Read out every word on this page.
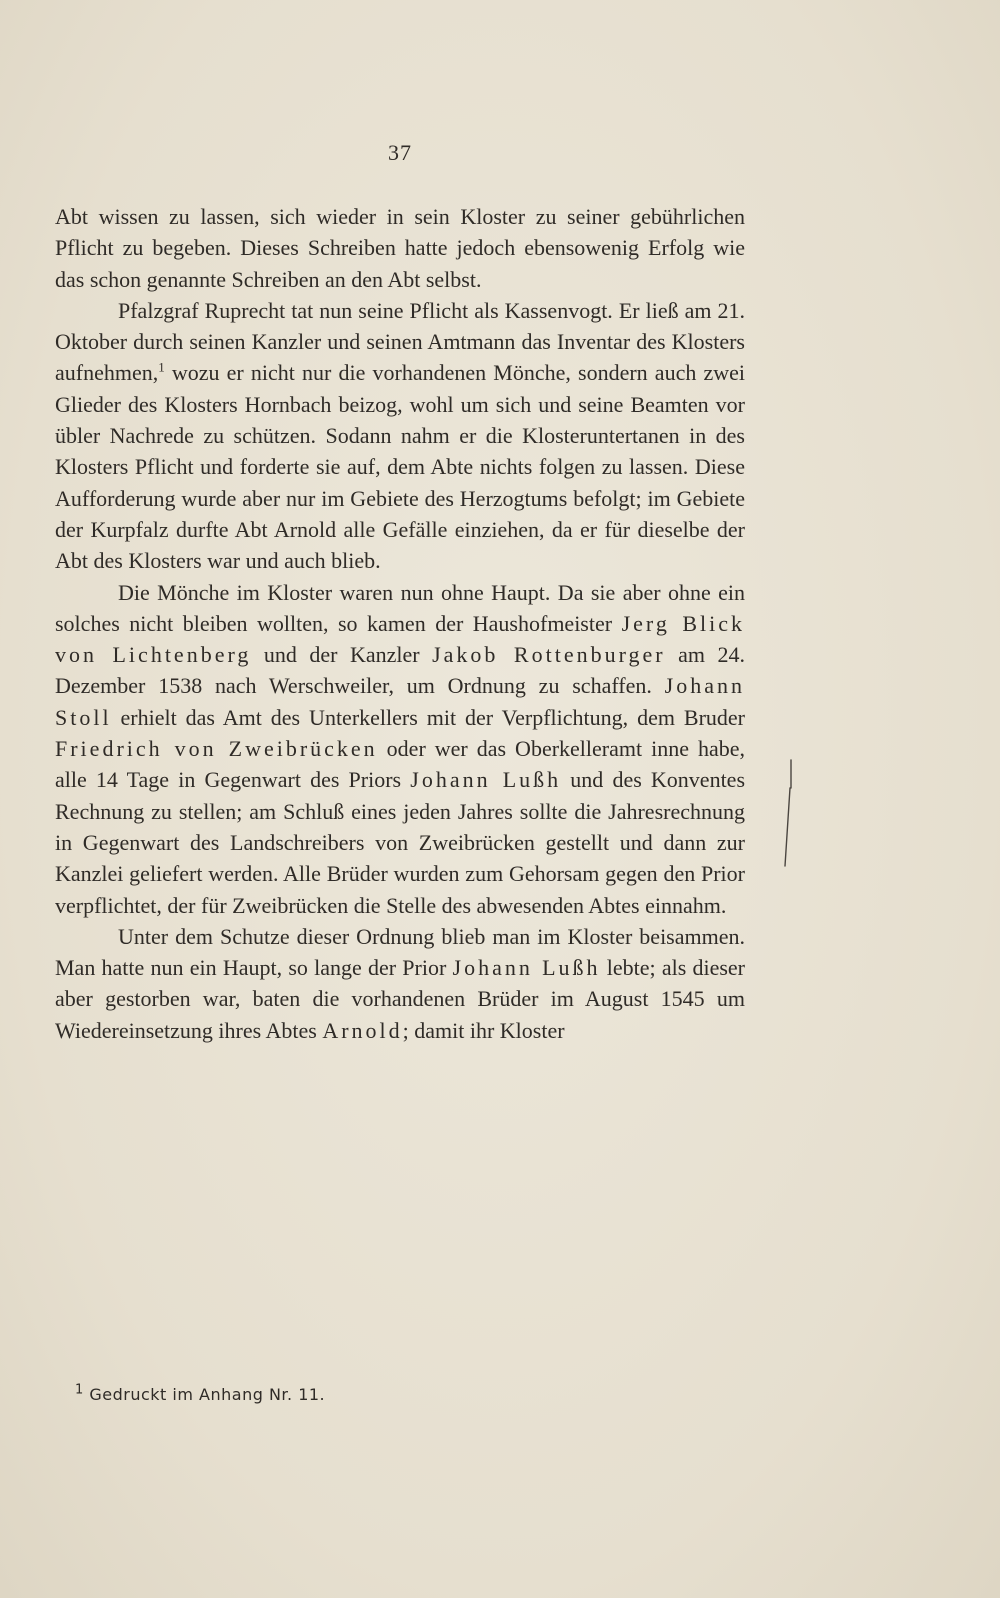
37

Abt wissen zu lassen, sich wieder in sein Kloster zu seiner gebührlichen Pflicht zu begeben. Dieses Schreiben hatte jedoch ebensowenig Erfolg wie das schon genannte Schreiben an den Abt selbst.

Pfalzgraf Ruprecht tat nun seine Pflicht als Kassenvogt. Er ließ am 21. Oktober durch seinen Kanzler und seinen Amtmann das Inventar des Klosters aufnehmen,$^1$ wozu er nicht nur die vorhandenen Mönche, sondern auch zwei Glieder des Klosters Hornbach beizog, wohl um sich und seine Beamten vor übler Nachrede zu schützen. Sodann nahm er die Klosteruntertanen in des Klosters Pflicht und forderte sie auf, dem Abte nichts folgen zu lassen. Diese Aufforderung wurde aber nur im Gebiete des Herzogtums befolgt; im Gebiete der Kurpfalz durfte Abt Arnold alle Gefälle einziehen, da er für dieselbe der Abt des Klosters war und auch blieb.

Die Mönche im Kloster waren nun ohne Haupt. Da sie aber ohne ein solches nicht bleiben wollten, so kamen der Haushofmeister Jerg Blick von Lichtenberg und der Kanzler Jakob Rottenburger am 24. Dezember 1538 nach Werschweiler, um Ordnung zu schaffen. Johann Stoll erhielt das Amt des Unterkellers mit der Verpflichtung, dem Bruder Friedrich von Zweibrücken oder wer das Oberkelleramt inne habe, alle 14 Tage in Gegenwart des Priors Johann Lußh und des Konventes Rechnung zu stellen; am Schluß eines jeden Jahres sollte die Jahresrechnung in Gegenwart des Landschreibers von Zweibrücken gestellt und dann zur Kanzlei geliefert werden. Alle Brüder wurden zum Gehorsam gegen den Prior verpflichtet, der für Zweibrücken die Stelle des abwesenden Abtes einnahm.

Unter dem Schutze dieser Ordnung blieb man im Kloster beisammen. Man hatte nun ein Haupt, so lange der Prior Johann Lußh lebte; als dieser aber gestorben war, baten die vorhandenen Brüder im August 1545 um Wiedereinsetzung ihres Abtes Arnold; damit ihr Kloster

$^1$ Gedruckt im Anhang Nr. 11.
